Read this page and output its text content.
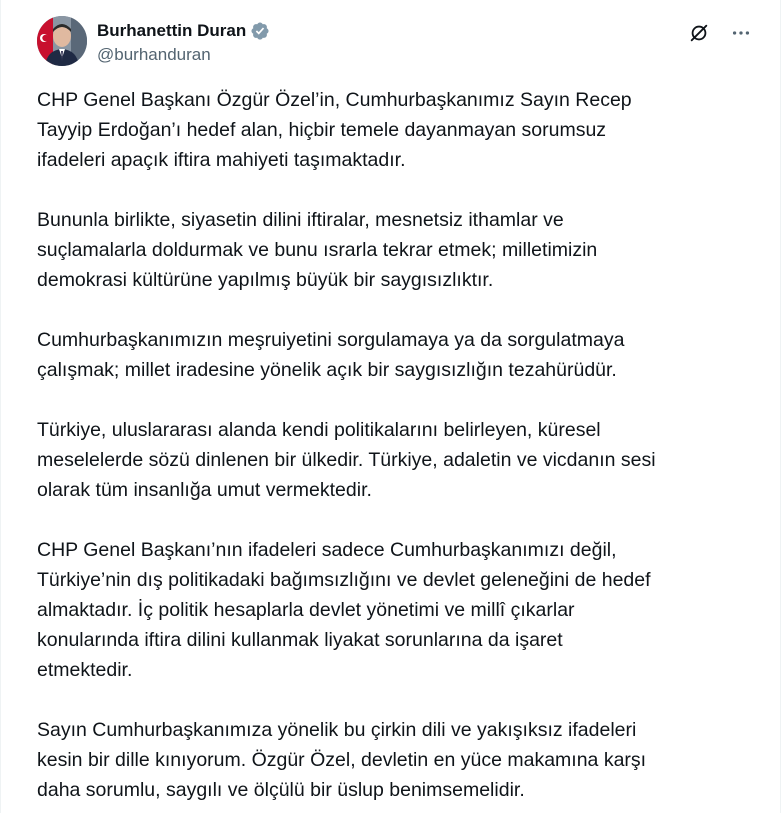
Burhanettin Duran
@burhanduran

CHP Genel Başkanı Özgür Özel’in, Cumhurbaşkanımız Sayın Recep
Tayyip Erdoğan’ı hedef alan, hiçbir temele dayanmayan sorumsuz
ifadeleri apaçık iftira mahiyeti taşımaktadır.

Bununla birlikte, siyasetin dilini iftiralar, mesnetsiz ithamlar ve
suçlamalarla doldurmak ve bunu ısrarla tekrar etmek; milletimizin
demokrasi kültürüne yapılmış büyük bir saygısızlıktır.

Cumhurbaşkanımızın meşruiyetini sorgulamaya ya da sorgulatmaya
çalışmak; millet iradesine yönelik açık bir saygısızlığın tezahürüdür.

Türkiye, uluslararası alanda kendi politikalarını belirleyen, küresel
meselelerde sözü dinlenen bir ülkedir. Türkiye, adaletin ve vicdanın sesi
olarak tüm insanlığa umut vermektedir.

CHP Genel Başkanı’nın ifadeleri sadece Cumhurbaşkanımızı değil,
Türkiye’nin dış politikadaki bağımsızlığını ve devlet geleneğini de hedef
almaktadır. İç politik hesaplarla devlet yönetimi ve millî çıkarlar
konularında iftira dilini kullanmak liyakat sorunlarına da işaret
etmektedir.

Sayın Cumhurbaşkanımıza yönelik bu çirkin dili ve yakışıksız ifadeleri
kesin bir dille kınıyorum. Özgür Özel, devletin en yüce makamına karşı
daha sorumlu, saygılı ve ölçülü bir üslup benimsemelidir.
